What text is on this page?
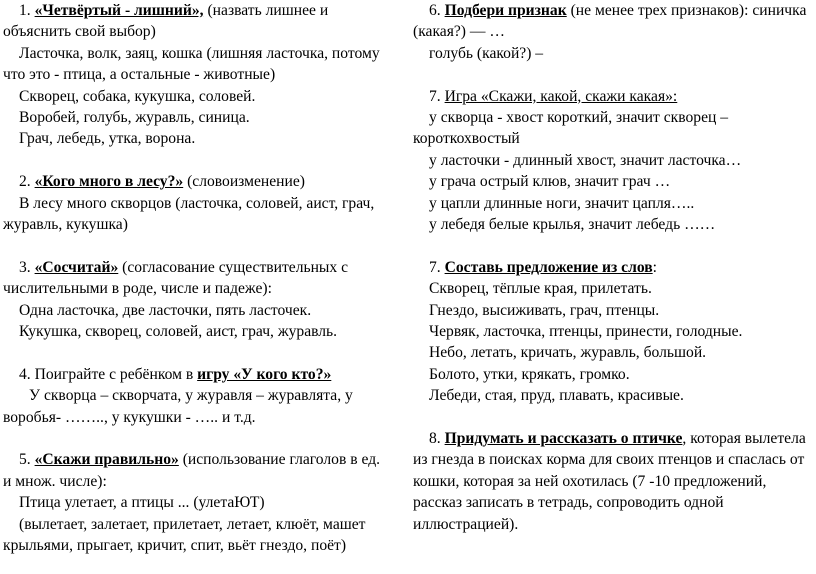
1. «Четвёртый - лишний», (назвать лишнее и объяснить свой выбор)

Ласточка, волк, заяц, кошка (лишняя ласточка, потому что это - птица, а остальные - животные)

Скворец, собака, кукушка, соловей.

Воробей, голубь, журавль, синица.

Грач, лебедь, утка, ворона.

2. «Кого много в лесу?» (словоизменение)

В лесу много скворцов (ласточка, соловей, аист, грач, журавль, кукушка)

3. «Сосчитай» (согласование существительных с числительными в роде, числе и падеже):

Одна ласточка, две ласточки, пять ласточек.

Кукушка, скворец, соловей, аист, грач, журавль.

4. Поиграйте с ребёнком в игру «У кого кто?»

У скворца – скворчата, у журавля – журавлята, у воробья- …….., у кукушки - ….. и т.д.

5. «Скажи правильно» (использование глаголов в ед. и множ. числе):

Птица улетает, а птицы ... (улетаЮТ)

(вылетает, залетает, прилетает, летает, клюёт, машет крыльями, прыгает, кричит, спит, вьёт гнездо, поёт)

6. Подбери признак (не менее трех признаков): синичка (какая?) — …

голубь (какой?) –

7. Игра «Скажи, какой, скажи какая»:

у скворца - хвост короткий, значит скворец – короткохвостый

у ласточки - длинный хвост, значит ласточка…

у грача острый клюв, значит грач …

у цапли длинные ноги, значит цапля…..

у лебедя белые крылья, значит лебедь ……

7. Составь предложение из слов:

Скворец, тёплые края, прилетать.

Гнездо, высиживать, грач, птенцы.

Червяк, ласточка, птенцы, принести, голодные.

Небо, летать, кричать, журавль, большой.

Болото, утки, крякать, громко.

Лебеди, стая, пруд, плавать, красивые.

8. Придумать и рассказать о птичке, которая вылетела из гнезда в поисках корма для своих птенцов и спаслась от кошки, которая за ней охотилась (7 -10 предложений, рассказ записать в тетрадь, сопроводить одной иллюстрацией).
